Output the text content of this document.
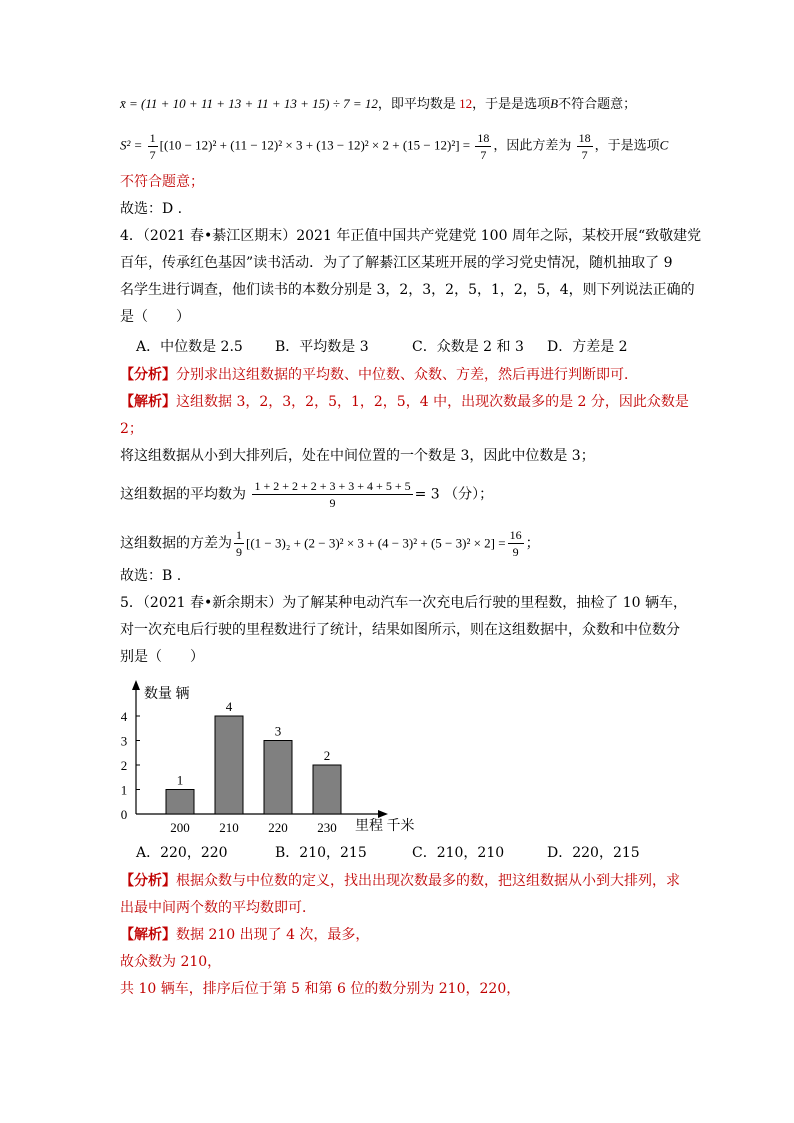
x̄ = (11 + 10 + 11 + 13 + 11 + 13 + 15) ÷ 7 = 12，即平均数是 12，于是是选项B不符合题意；
$S^2 = \frac{1}{7} [(10 - 12)^2 + (11 - 12)^2 \times 3 + (13 - 12)^2 \times 2 + (15 - 12)^2] = \frac{18}{7}$ ，因此方差为 $\frac{18}{7}$ ，于是选项C
不符合题意；
故选：D .
4．（2021 春•綦江区期末）2021 年正值中国共产党建党 100 周年之际，某校开展“致敬建党
百年，传承红色基因”读书活动．为了了解綦江区某班开展的学习党史情况，随机抽取了 9
名学生进行调查，他们读书的本数分别是 3，2，3，2，5，1，2，5，4，则下列说法正确的
是（　　）
A．中位数是 2.5 B．平均数是 3	C．众数是 2 和 3 D．方差是 2
【分析】分别求出这组数据的平均数、中位数、众数、方差，然后再进行判断即可．
【解析】这组数据 3，2，3，2，5，1，2，5，4 中，出现次数最多的是 2 分，因此众数是
2；
将这组数据从小到大排列后，处在中间位置的一个数是 3，因此中位数是 3；
这组数据的平均数为 $\frac{1 + 2 + 2 + 2 + 3 + 3 + 4 + 5 + 5}{9} = 3$ （分）；
这组数据的方差为 $\frac{1}{9} [(1 - 3)_2 + (2 - 3)^2 \times 3 + (4 - 3)^2 + (5 - 3)^2 \times 2] = \frac{16}{9}$ ；
故选：B .
5．（2021 春•新余期末）为了解某种电动汽车一次充电后行驶的里程数，抽检了 10 辆车，
对一次充电后行驶的里程数进行了统计，结果如图所示，则在这组数据中，众数和中位数分
别是（　　）
0
1
2
3
4
数量 辆
里程 千米
1
200
4
210
3
220
2
230
A．220，220	B．210，215	C．210，210	D．220，215
【分析】根据众数与中位数的定义，找出出现次数最多的数，把这组数据从小到大排列，求
出最中间两个数的平均数即可．
【解析】数据 210 出现了 4 次，最多，
故众数为 210，
共 10 辆车，排序后位于第 5 和第 6 位的数分别为 210，220，
